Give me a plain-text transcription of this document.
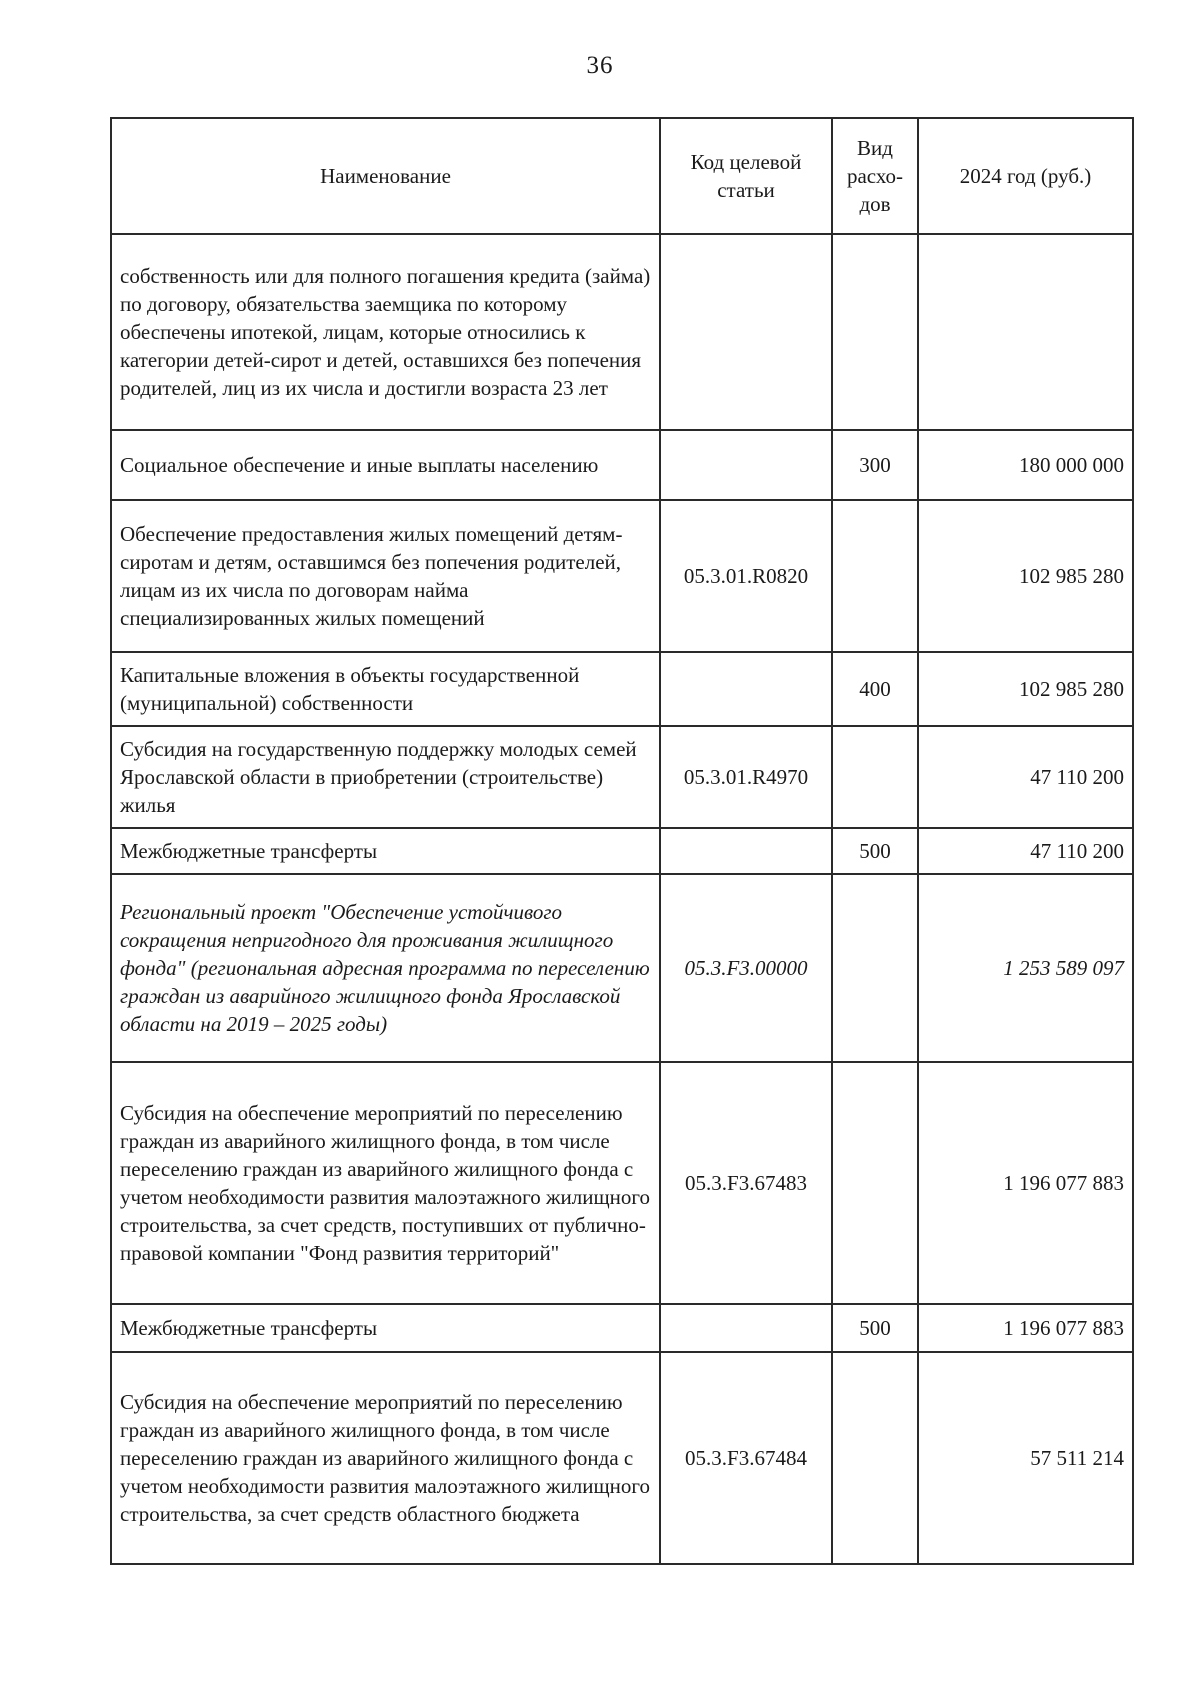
36
Наименование	Код целевой статьи	Вид расхо-дов	2024 год (руб.)
собственность или для полного погашения кредита (займа) по договору, обязательства заемщика по которому обеспечены ипотекой, лицам, которые относились к категории детей-сирот и детей, оставшихся без попечения родителей, лиц из их числа и достигли возраста 23 лет			
Социальное обеспечение и иные выплаты населению		300	180 000 000
Обеспечение предоставления жилых помещений детям-сиротам и детям, оставшимся без попечения родителей, лицам из их числа по договорам найма специализированных жилых помещений	05.3.01.R0820		102 985 280
Капитальные вложения в объекты государственной (муниципальной) собственности		400	102 985 280
Субсидия на государственную поддержку молодых семей Ярославской области в приобретении (строительстве) жилья	05.3.01.R4970		47 110 200
Межбюджетные трансферты		500	47 110 200
Региональный проект "Обеспечение устойчивого сокращения непригодного для проживания жилищного фонда" (региональная адресная программа по переселению граждан из аварийного жилищного фонда Ярославской области на 2019 – 2025 годы)	05.3.F3.00000		1 253 589 097
Субсидия на обеспечение мероприятий по переселению граждан из аварийного жилищного фонда, в том числе переселению граждан из аварийного жилищного фонда с учетом необходимости развития малоэтажного жилищного строительства, за счет средств, поступивших от публично-правовой компании "Фонд развития территорий"	05.3.F3.67483		1 196 077 883
Межбюджетные трансферты		500	1 196 077 883
Субсидия на обеспечение мероприятий по переселению граждан из аварийного жилищного фонда, в том числе переселению граждан из аварийного жилищного фонда с учетом необходимости развития малоэтажного жилищного строительства, за счет средств областного бюджета	05.3.F3.67484		57 511 214
